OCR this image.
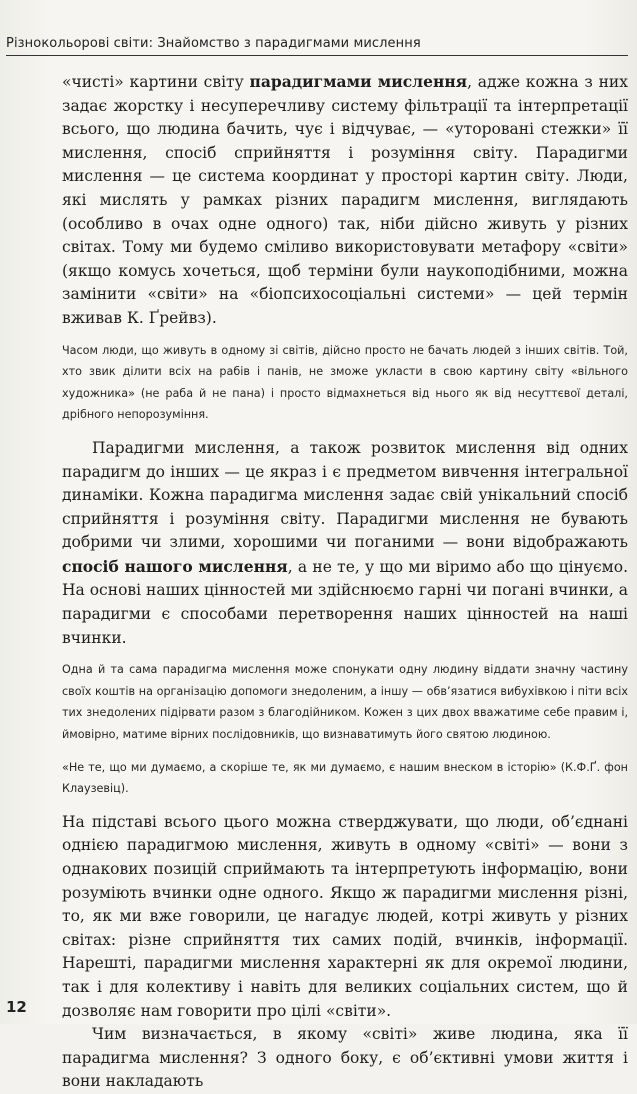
Різнокольорові світи: Знайомство з парадигмами мислення

«чисті» картини світу парадигмами мислення, адже кожна з них задає жорстку і несуперечливу систему фільтрації та інтерпретації всього, що людина бачить, чує і відчуває, — «уторовані стежки» її мислення, спосіб сприйняття і розуміння світу. Парадигми мислення — це система координат у просторі картин світу. Люди, які мислять у рамках різних парадигм мислення, виглядають (особливо в очах одне одного) так, ніби дійсно живуть у різних світах. Тому ми будемо сміливо використовувати метафору «світи» (якщо комусь хочеться, щоб терміни були наукоподібними, можна замінити «світи» на «біопсихосоціальні системи» — цей термін вживав К. Ґрейвз).

Часом люди, що живуть в одному зі світів, дійсно просто не бачать людей з інших світів. Той, хто звик ділити всіх на рабів і панів, не зможе укласти в свою картину світу «вільного художника» (не раба й не пана) і просто відмахнеться від нього як від несуттєвої деталі, дрібного непорозуміння.

Парадигми мислення, а також розвиток мислення від одних парадигм до інших — це якраз і є предметом вивчення інтегральної динаміки. Кожна парадигма мислення задає свій унікальний спосіб сприйняття і розуміння світу. Парадигми мислення не бувають добрими чи злими, хорошими чи поганими — вони відображають спосіб нашого мислення, а не те, у що ми віримо або що цінуємо. На основі наших цінностей ми здійснюємо гарні чи погані вчинки, а парадигми є способами перетворення наших цінностей на наші вчинки.

Одна й та сама парадигма мислення може спонукати одну людину віддати значну частину своїх коштів на організацію допомоги знедоленим, а іншу — обв’язатися вибухівкою і піти всіх тих знедолених підірвати разом з благодійником. Кожен з цих двох вважатиме себе правим і, ймовірно, матиме вірних послідовників, що визнаватимуть його святою людиною.

«Не те, що ми думаємо, а скоріше те, як ми думаємо, є нашим внеском в історію» (К.Ф.Ґ. фон Клаузевіц).

На підставі всього цього можна стверджувати, що люди, об’єднані однією парадигмою мислення, живуть в одному «світі» — вони з однакових позицій сприймають та інтерпретують інформацію, вони розуміють вчинки одне одного. Якщо ж парадигми мислення різні, то, як ми вже говорили, це нагадує людей, котрі живуть у різних світах: різне сприйняття тих самих подій, вчинків, інформації. Нарешті, парадигми мислення характерні як для окремої людини, так і для колективу і навіть для великих соціальних систем, що й дозволяє нам говорити про цілі «світи».

Чим визначається, в якому «світі» живе людина, яка її парадигма мислення? З одного боку, є об’єктивні умови життя і вони накладають

12
